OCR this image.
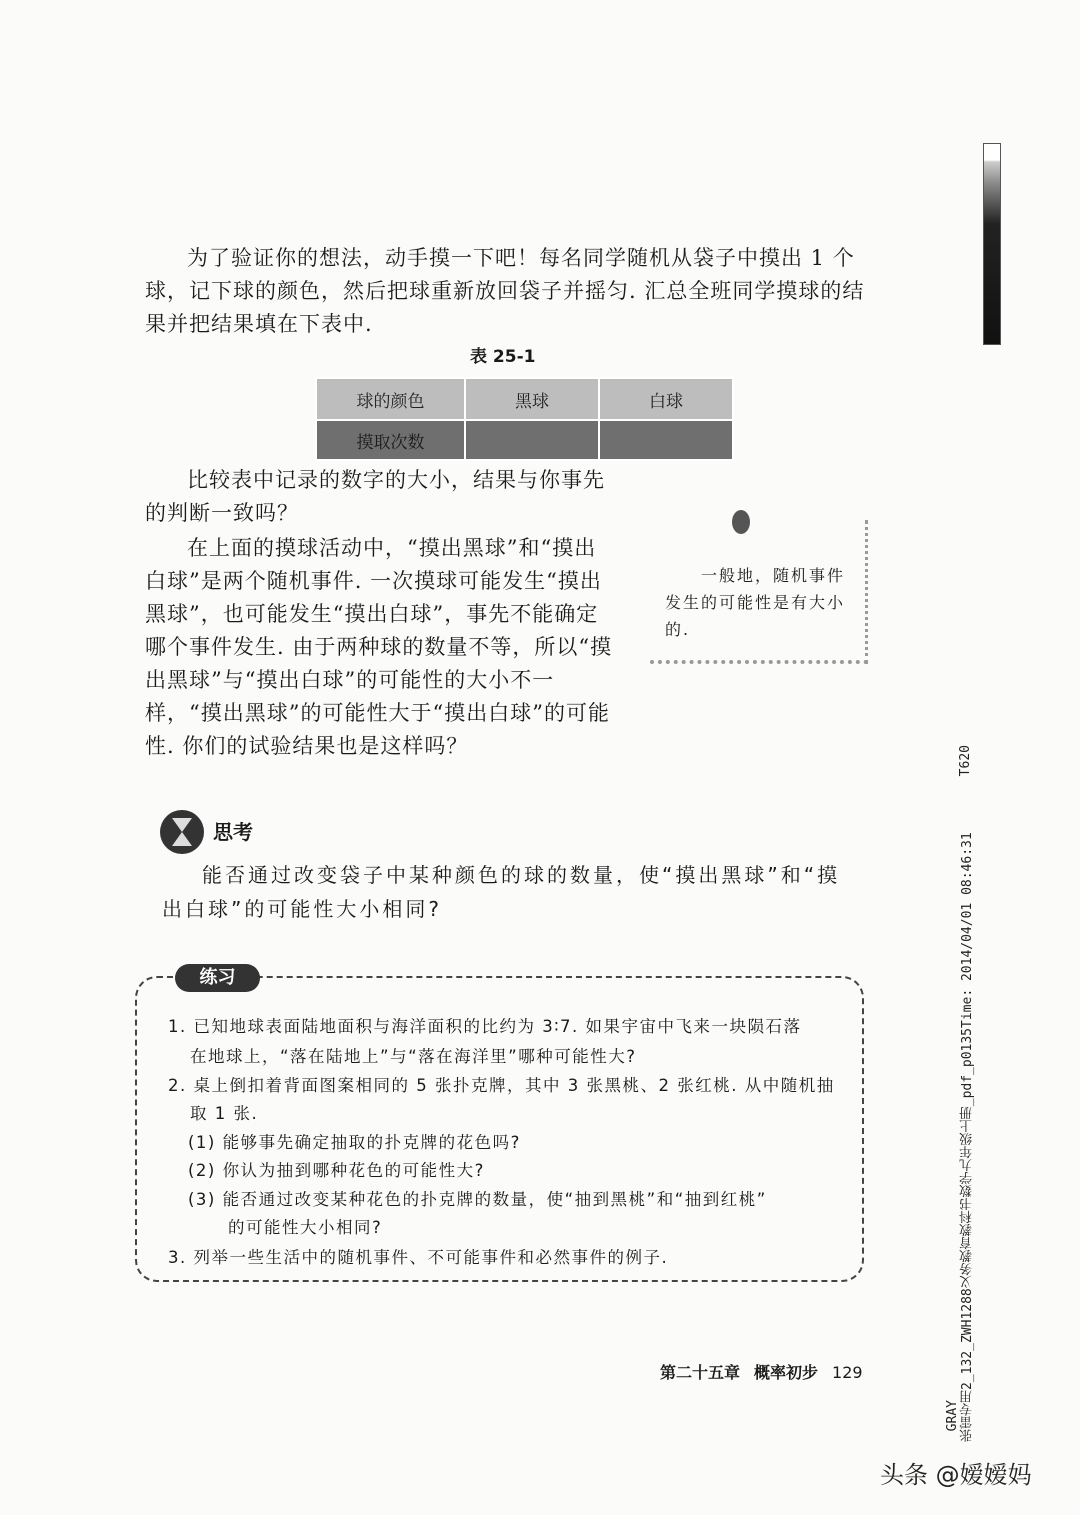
为了验证你的想法，动手摸一下吧！每名同学随机从袋子中摸出 1 个球，记下球的颜色，然后把球重新放回袋子并摇匀. 汇总全班同学摸球的结果并把结果填在下表中.
表 25-1
球的颜色	黑球	白球
摸取次数		
比较表中记录的数字的大小，结果与你事先的判断一致吗？
在上面的摸球活动中，“摸出黑球”和“摸出白球”是两个随机事件. 一次摸球可能发生“摸出黑球”，也可能发生“摸出白球”，事先不能确定哪个事件发生. 由于两种球的数量不等，所以“摸出黑球”与“摸出白球”的可能性的大小不一样，“摸出黑球”的可能性大于“摸出白球”的可能性. 你们的试验结果也是这样吗？
一般地，随机事件发生的可能性是有大小的.
思考
能否通过改变袋子中某种颜色的球的数量，使“摸出黑球”和“摸出白球”的可能性大小相同?
练习
1. 已知地球表面陆地面积与海洋面积的比约为 3∶7. 如果宇宙中飞来一块陨石落
在地球上，“落在陆地上”与“落在海洋里”哪种可能性大?
2. 桌上倒扣着背面图案相同的 5 张扑克牌，其中 3 张黑桃、2 张红桃. 从中随机抽
取 1 张.
(1) 能够事先确定抽取的扑克牌的花色吗?
(2) 你认为抽到哪种花色的可能性大?
(3) 能否通过改变某种花色的扑克牌的数量，使“抽到黑桃”和“抽到红桃”
的可能性大小相同?
3. 列举一些生活中的随机事件、不可能事件和必然事件的例子.
第二十五章 概率初步 129
T620
张雷专用2_132_ZWH1288义务教育教科书数学九年级上册_pdf_p0135Time: 2014/04/01 08:46:31
GRAY
头条 @嫒嫒妈
